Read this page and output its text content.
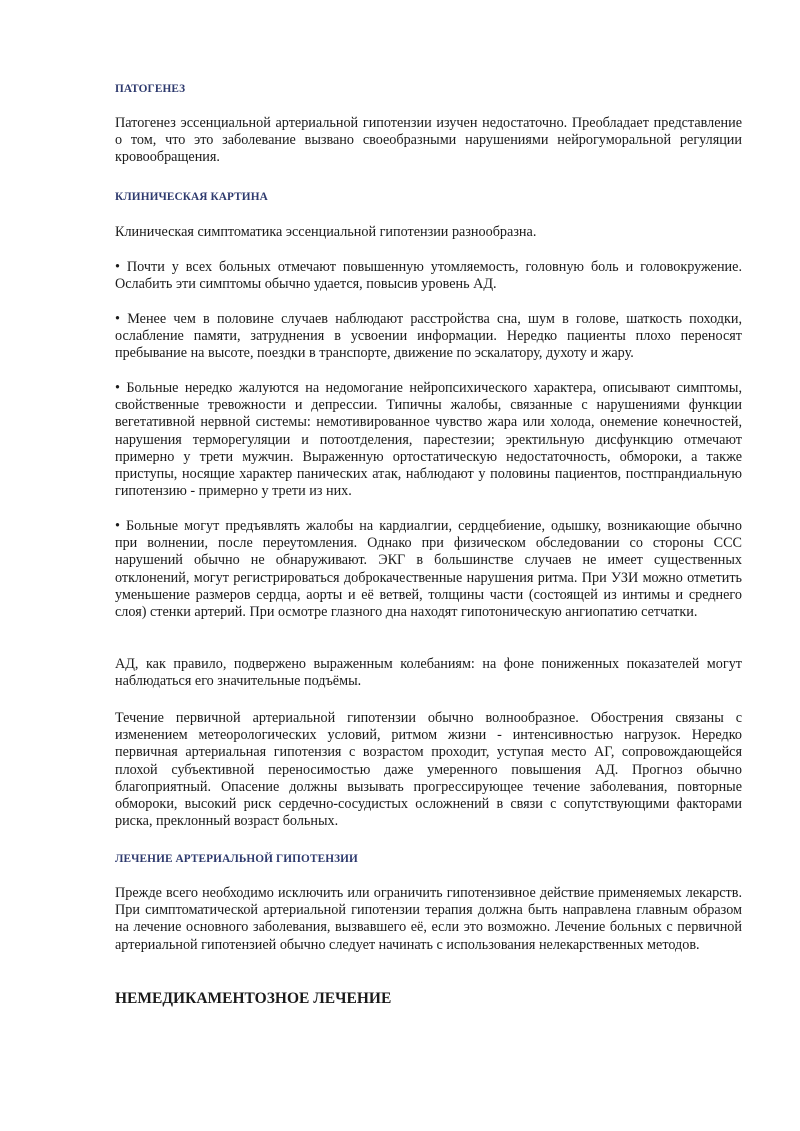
ПАТОГЕНЕЗ

Патогенез эссенциальной артериальной гипотензии изучен недостаточно. Преобладает представление о том, что это заболевание вызвано своеобразными нарушениями нейрогуморальной регуляции кровообращения.

КЛИНИЧЕСКАЯ КАРТИНА

Клиническая симптоматика эссенциальной гипотензии разнообразна.

• Почти у всех больных отмечают повышенную утомляемость, головную боль и головокружение. Ослабить эти симптомы обычно удается, повысив уровень АД.

• Менее чем в половине случаев наблюдают расстройства сна, шум в голове, шаткость походки, ослабление памяти, затруднения в усвоении информации. Нередко пациенты плохо переносят пребывание на высоте, поездки в транспорте, движение по эскалатору, духоту и жару.

• Больные нередко жалуются на недомогание нейропсихического характера, описывают симптомы, свойственные тревожности и депрессии. Типичны жалобы, связанные с нарушениями функции вегетативной нервной системы: немотивированное чувство жара или холода, онемение конечностей, нарушения терморегуляции и потоотделения, парестезии; эректильную дисфункцию отмечают примерно у трети мужчин. Выраженную ортостатическую недостаточность, обмороки, а также приступы, носящие характер панических атак, наблюдают у половины пациентов, постпрандиальную гипотензию - примерно у трети из них.

• Больные могут предъявлять жалобы на кардиалгии, сердцебиение, одышку, возникающие обычно при волнении, после переутомления. Однако при физическом обследовании со стороны ССС нарушений обычно не обнаруживают. ЭКГ в большинстве случаев не имеет существенных отклонений, могут регистрироваться доброкачественные нарушения ритма. При УЗИ можно отметить уменьшение размеров сердца, аорты и её ветвей, толщины части (состоящей из интимы и среднего слоя) стенки артерий. При осмотре глазного дна находят гипотоническую ангиопатию сетчатки.

АД, как правило, подвержено выраженным колебаниям: на фоне пониженных показателей могут наблюдаться его значительные подъёмы.

Течение первичной артериальной гипотензии обычно волнообразное. Обострения связаны с изменением метеорологических условий, ритмом жизни - интенсивностью нагрузок. Нередко первичная артериальная гипотензия с возрастом проходит, уступая место АГ, сопровождающейся плохой субъективной переносимостью даже умеренного повышения АД. Прогноз обычно благоприятный. Опасение должны вызывать прогрессирующее течение заболевания, повторные обмороки, высокий риск сердечно-сосудистых осложнений в связи с сопутствующими факторами риска, преклонный возраст больных.

ЛЕЧЕНИЕ АРТЕРИАЛЬНОЙ ГИПОТЕНЗИИ

Прежде всего необходимо исключить или ограничить гипотензивное действие применяемых лекарств. При симптоматической артериальной гипотензии терапия должна быть направлена главным образом на лечение основного заболевания, вызвавшего её, если это возможно. Лечение больных с первичной артериальной гипотензией обычно следует начинать с использования нелекарственных методов.

НЕМЕДИКАМЕНТОЗНОЕ ЛЕЧЕНИЕ
